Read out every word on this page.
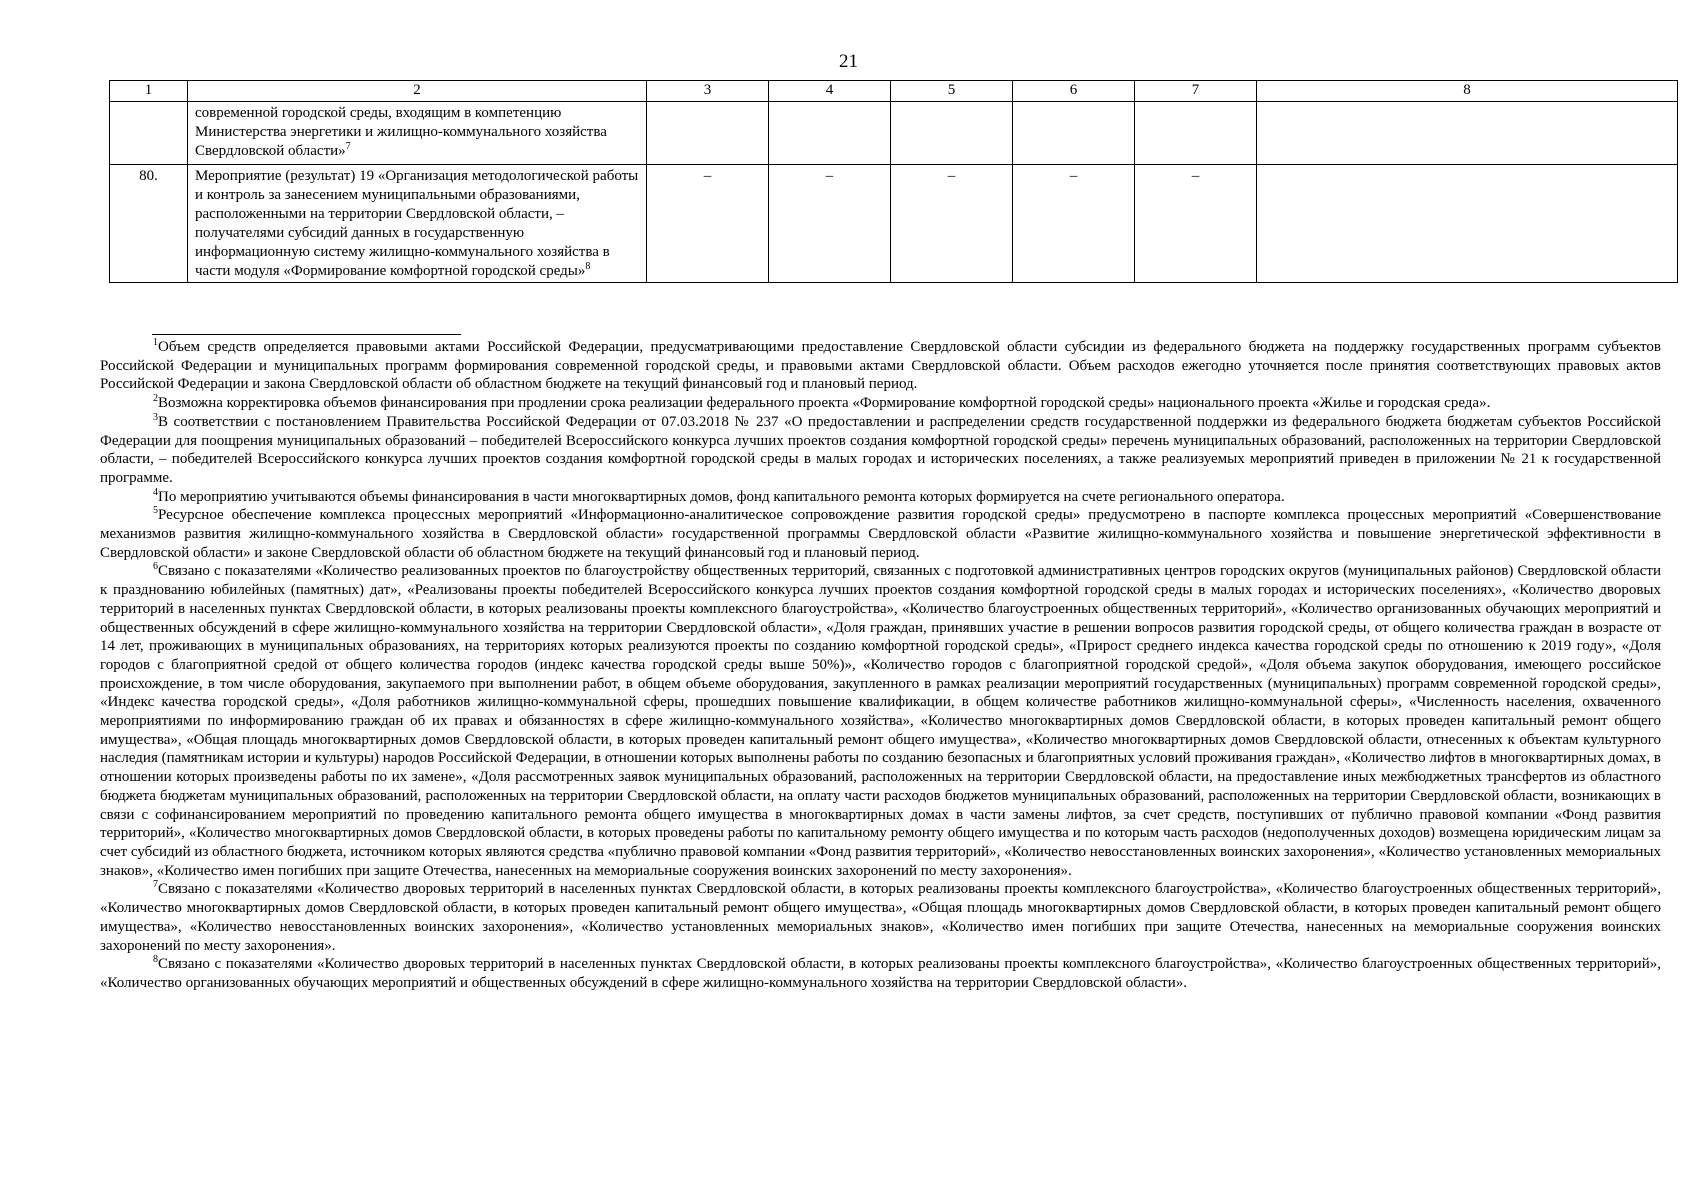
21
1	2	3	4	5	6	7	8
	современной городской среды, входящим в компетенцию Министерства энергетики и жилищно-коммунального хозяйства Свердловской области»$^7$						
80.	Мероприятие (результат) 19 «Организация методологической работы и контроль за занесением муниципальными образованиями, расположенными на территории Свердловской области, – получателями субсидий данных в государственную информационную систему жилищно-коммунального хозяйства в части модуля «Формирование комфортной городской среды»$^8$	–	–	–	–	–	

$^1$Объем средств определяется правовыми актами Российской Федерации, предусматривающими предоставление Свердловской области субсидии из федерального бюджета на поддержку государственных программ субъектов Российской Федерации и муниципальных программ формирования современной городской среды, и правовыми актами Свердловской области. Объем расходов ежегодно уточняется после принятия соответствующих правовых актов Российской Федерации и закона Свердловской области об областном бюджете на текущий финансовый год и плановый период.

$^2$Возможна корректировка объемов финансирования при продлении срока реализации федерального проекта «Формирование комфортной городской среды» национального проекта «Жилье и городская среда».

$^3$В соответствии с постановлением Правительства Российской Федерации от 07.03.2018 № 237 «О предоставлении и распределении средств государственной поддержки из федерального бюджета бюджетам субъектов Российской Федерации для поощрения муниципальных образований – победителей Всероссийского конкурса лучших проектов создания комфортной городской среды» перечень муниципальных образований, расположенных на территории Свердловской области, – победителей Всероссийского конкурса лучших проектов создания комфортной городской среды в малых городах и исторических поселениях, а также реализуемых мероприятий приведен в приложении № 21 к государственной программе.

$^4$По мероприятию учитываются объемы финансирования в части многоквартирных домов, фонд капитального ремонта которых формируется на счете регионального оператора.

$^5$Ресурсное обеспечение комплекса процессных мероприятий «Информационно-аналитическое сопровождение развития городской среды» предусмотрено в паспорте комплекса процессных мероприятий «Совершенствование механизмов развития жилищно-коммунального хозяйства в Свердловской области» государственной программы Свердловской области «Развитие жилищно-коммунального хозяйства и повышение энергетической эффективности в Свердловской области» и законе Свердловской области об областном бюджете на текущий финансовый год и плановый период.

$^6$Связано с показателями «Количество реализованных проектов по благоустройству общественных территорий, связанных с подготовкой административных центров городских округов (муниципальных районов) Свердловской области к празднованию юбилейных (памятных) дат», «Реализованы проекты победителей Всероссийского конкурса лучших проектов создания комфортной городской среды в малых городах и исторических поселениях», «Количество дворовых территорий в населенных пунктах Свердловской области, в которых реализованы проекты комплексного благоустройства», «Количество благоустроенных общественных территорий», «Количество организованных обучающих мероприятий и общественных обсуждений в сфере жилищно-коммунального хозяйства на территории Свердловской области», «Доля граждан, принявших участие в решении вопросов развития городской среды, от общего количества граждан в возрасте от 14 лет, проживающих в муниципальных образованиях, на территориях которых реализуются проекты по созданию комфортной городской среды», «Прирост среднего индекса качества городской среды по отношению к 2019 году», «Доля городов с благоприятной средой от общего количества городов (индекс качества городской среды выше 50%)», «Количество городов с благоприятной городской средой», «Доля объема закупок оборудования, имеющего российское происхождение, в том числе оборудования, закупаемого при выполнении работ, в общем объеме оборудования, закупленного в рамках реализации мероприятий государственных (муниципальных) программ современной городской среды», «Индекс качества городской среды», «Доля работников жилищно-коммунальной сферы, прошедших повышение квалификации, в общем количестве работников жилищно-коммунальной сферы», «Численность населения, охваченного мероприятиями по информированию граждан об их правах и обязанностях в сфере жилищно-коммунального хозяйства», «Количество многоквартирных домов Свердловской области, в которых проведен капитальный ремонт общего имущества», «Общая площадь многоквартирных домов Свердловской области, в которых проведен капитальный ремонт общего имущества», «Количество многоквартирных домов Свердловской области, отнесенных к объектам культурного наследия (памятникам истории и культуры) народов Российской Федерации, в отношении которых выполнены работы по созданию безопасных и благоприятных условий проживания граждан», «Количество лифтов в многоквартирных домах, в отношении которых произведены работы по их замене», «Доля рассмотренных заявок муниципальных образований, расположенных на территории Свердловской области, на предоставление иных межбюджетных трансфертов из областного бюджета бюджетам муниципальных образований, расположенных на территории Свердловской области, на оплату части расходов бюджетов муниципальных образований, расположенных на территории Свердловской области, возникающих в связи с софинансированием мероприятий по проведению капитального ремонта общего имущества в многоквартирных домах в части замены лифтов, за счет средств, поступивших от публично правовой компании «Фонд развития территорий», «Количество многоквартирных домов Свердловской области, в которых проведены работы по капитальному ремонту общего имущества и по которым часть расходов (недополученных доходов) возмещена юридическим лицам за счет субсидий из областного бюджета, источником которых являются средства «публично правовой компании «Фонд развития территорий», «Количество невосстановленных воинских захоронения», «Количество установленных мемориальных знаков», «Количество имен погибших при защите Отечества, нанесенных на мемориальные сооружения воинских захоронений по месту захоронения».

$^7$Связано с показателями «Количество дворовых территорий в населенных пунктах Свердловской области, в которых реализованы проекты комплексного благоустройства», «Количество благоустроенных общественных территорий», «Количество многоквартирных домов Свердловской области, в которых проведен капитальный ремонт общего имущества», «Общая площадь многоквартирных домов Свердловской области, в которых проведен капитальный ремонт общего имущества», «Количество невосстановленных воинских захоронения», «Количество установленных мемориальных знаков», «Количество имен погибших при защите Отечества, нанесенных на мемориальные сооружения воинских захоронений по месту захоронения».

$^8$Связано с показателями «Количество дворовых территорий в населенных пунктах Свердловской области, в которых реализованы проекты комплексного благоустройства», «Количество благоустроенных общественных территорий», «Количество организованных обучающих мероприятий и общественных обсуждений в сфере жилищно-коммунального хозяйства на территории Свердловской области».
